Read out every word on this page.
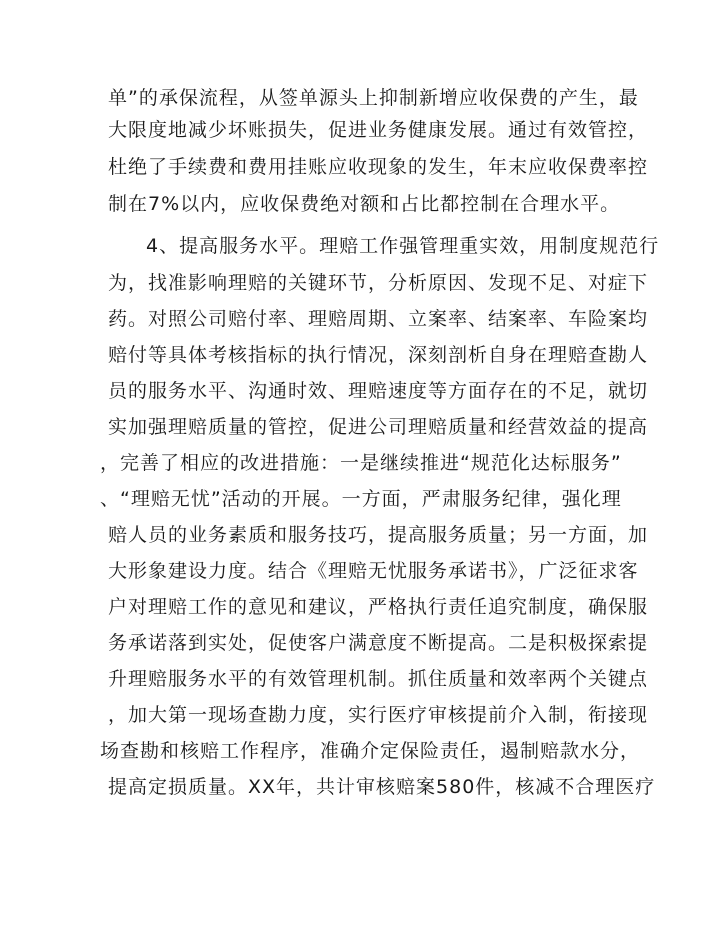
单”的承保流程，从签单源头上抑制新增应收保费的产生，最
大限度地减少坏账损失，促进业务健康发展。通过有效管控，
杜绝了手续费和费用挂账应收现象的发生，年末应收保费率控
制在7%以内，应收保费绝对额和占比都控制在合理水平。
4、提高服务水平。理赔工作强管理重实效，用制度规范行
为，找准影响理赔的关键环节，分析原因、发现不足、对症下
药。对照公司赔付率、理赔周期、立案率、结案率、车险案均
赔付等具体考核指标的执行情况，深刻剖析自身在理赔查勘人
员的服务水平、沟通时效、理赔速度等方面存在的不足，就切
实加强理赔质量的管控，促进公司理赔质量和经营效益的提高
，完善了相应的改进措施：一是继续推进“规范化达标服务”
、“理赔无忧”活动的开展。一方面，严肃服务纪律，强化理
赔人员的业务素质和服务技巧，提高服务质量；另一方面，加
大形象建设力度。结合《理赔无忧服务承诺书》，广泛征求客
户对理赔工作的意见和建议，严格执行责任追究制度，确保服
务承诺落到实处，促使客户满意度不断提高。二是积极探索提
升理赔服务水平的有效管理机制。抓住质量和效率两个关键点
，加大第一现场查勘力度，实行医疗审核提前介入制，衔接现
场查勘和核赔工作程序，准确介定保险责任，遏制赔款水分，
提高定损质量。XX年，共计审核赔案580件，核减不合理医疗
